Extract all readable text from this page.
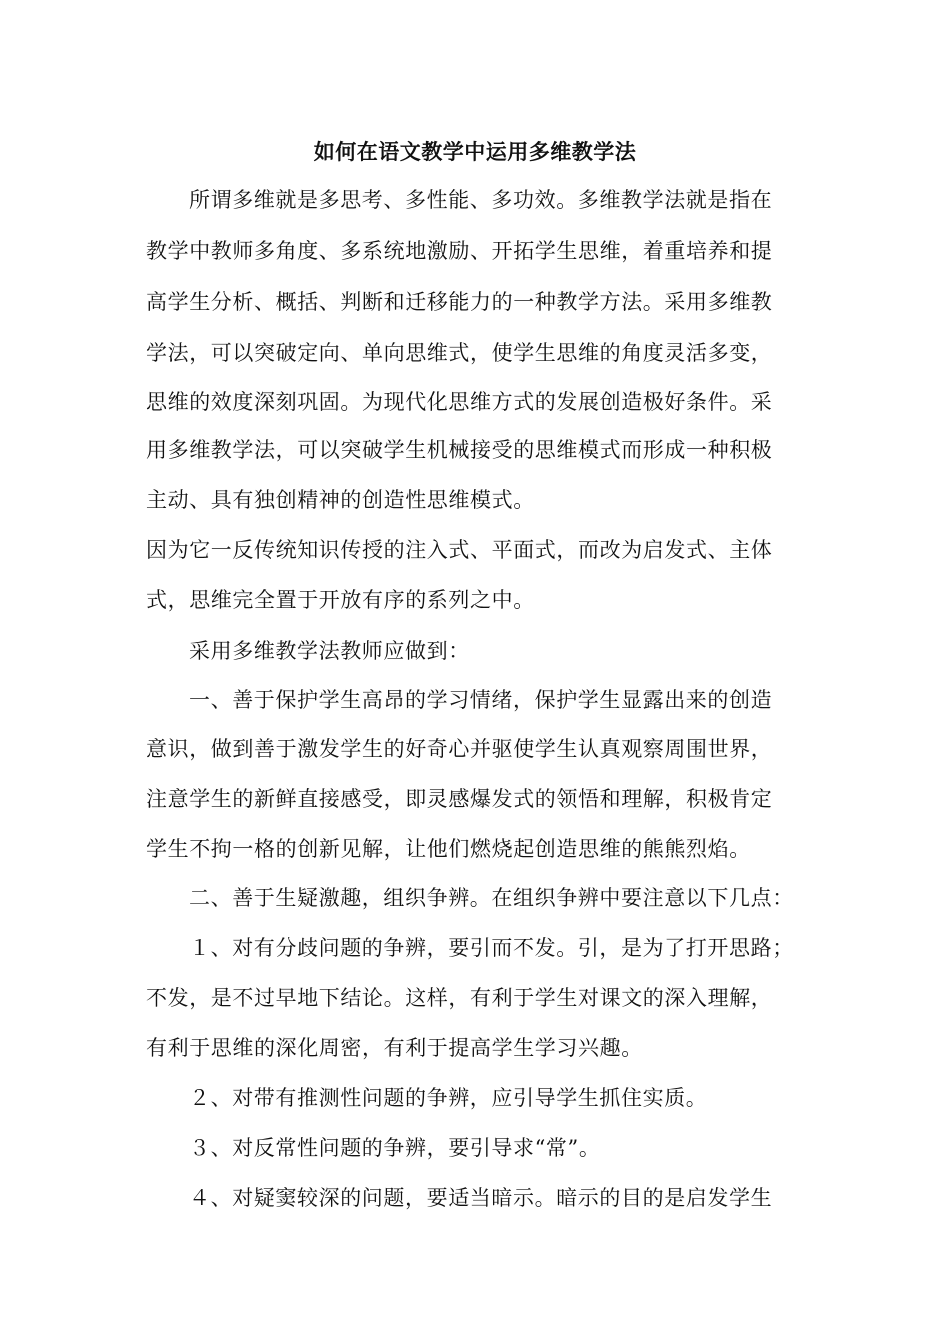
如何在语文教学中运用多维教学法
所谓多维就是多思考、多性能、多功效。多维教学法就是指在
教学中教师多角度、多系统地激励、开拓学生思维，着重培养和提
高学生分析、概括、判断和迁移能力的一种教学方法。采用多维教
学法，可以突破定向、单向思维式，使学生思维的角度灵活多变，
思维的效度深刻巩固。为现代化思维方式的发展创造极好条件。采
用多维教学法，可以突破学生机械接受的思维模式而形成一种积极
主动、具有独创精神的创造性思维模式。
因为它一反传统知识传授的注入式、平面式，而改为启发式、主体
式，思维完全置于开放有序的系列之中。
采用多维教学法教师应做到：
一、善于保护学生高昂的学习情绪，保护学生显露出来的创造
意识，做到善于激发学生的好奇心并驱使学生认真观察周围世界，
注意学生的新鲜直接感受，即灵感爆发式的领悟和理解，积极肯定
学生不拘一格的创新见解，让他们燃烧起创造思维的熊熊烈焰。
二、善于生疑激趣，组织争辨。在组织争辨中要注意以下几点：
１、对有分歧问题的争辨，要引而不发。引，是为了打开思路；
不发，是不过早地下结论。这样，有利于学生对课文的深入理解，
有利于思维的深化周密，有利于提高学生学习兴趣。
２、对带有推测性问题的争辨，应引导学生抓住实质。
３、对反常性问题的争辨，要引导求“常”。
４、对疑窦较深的问题，要适当暗示。暗示的目的是启发学生
